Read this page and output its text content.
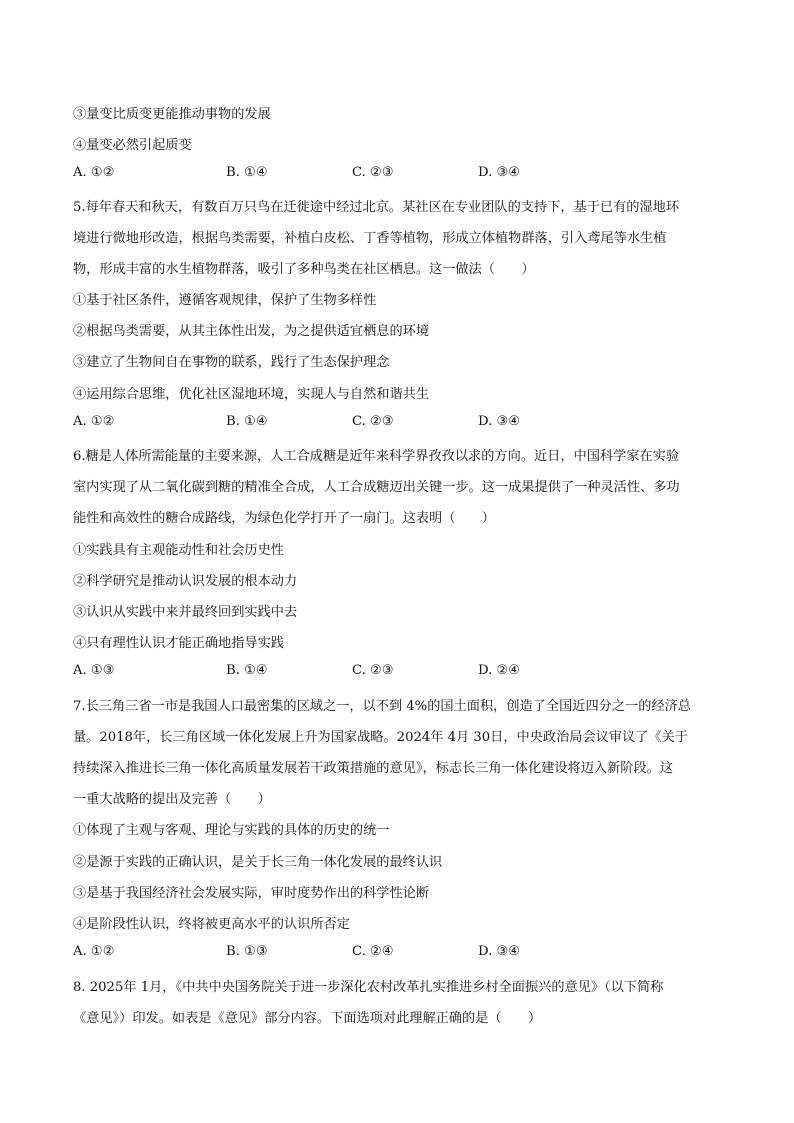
③量变比质变更能推动事物的发展
④量变必然引起质变
A. ①②	B. ①④	C. ②③	D. ③④
5.每年春天和秋天，有数百万只鸟在迁徙途中经过北京。某社区在专业团队的支持下，基于已有的湿地环
境进行微地形改造，根据鸟类需要，补植白皮松、丁香等植物，形成立体植物群落，引入鸢尾等水生植
物，形成丰富的水生植物群落，吸引了多种鸟类在社区栖息。这一做法（　　）
①基于社区条件，遵循客观规律，保护了生物多样性
②根据鸟类需要，从其主体性出发，为之提供适宜栖息的环境
③建立了生物间自在事物的联系，践行了生态保护理念
④运用综合思维，优化社区湿地环境，实现人与自然和谐共生
A. ①②	B. ①④	C. ②③	D. ③④
6.糖是人体所需能量的主要来源，人工合成糖是近年来科学界孜孜以求的方向。近日，中国科学家在实验
室内实现了从二氧化碳到糖的精准全合成，人工合成糖迈出关键一步。这一成果提供了一种灵活性、多功
能性和高效性的糖合成路线，为绿色化学打开了一扇门。这表明（　　）
①实践具有主观能动性和社会历史性
②科学研究是推动认识发展的根本动力
③认识从实践中来并最终回到实践中去
④只有理性认识才能正确地指导实践
A. ①③	B. ①④	C. ②③	D. ②④
7.长三角三省一市是我国人口最密集的区域之一，以不到 4%的国土面积，创造了全国近四分之一的经济总
量。2018年，长三角区域一体化发展上升为国家战略。2024年 4月 30日，中央政治局会议审议了《关于
持续深入推进长三角一体化高质量发展若干政策措施的意见》，标志长三角一体化建设将迈入新阶段。这
一重大战略的提出及完善（　　）
①体现了主观与客观、理论与实践的具体的历史的统一
②是源于实践的正确认识，是关于长三角一体化发展的最终认识
③是基于我国经济社会发展实际，审时度势作出的科学性论断
④是阶段性认识，终将被更高水平的认识所否定
A. ①②	B. ①③	C. ②④	D. ③④
8. 2025年 1月，《中共中央国务院关于进一步深化农村改革扎实推进乡村全面振兴的意见》（以下简称
《意见》）印发。如表是《意见》部分内容。下面选项对此理解正确的是（　　）
